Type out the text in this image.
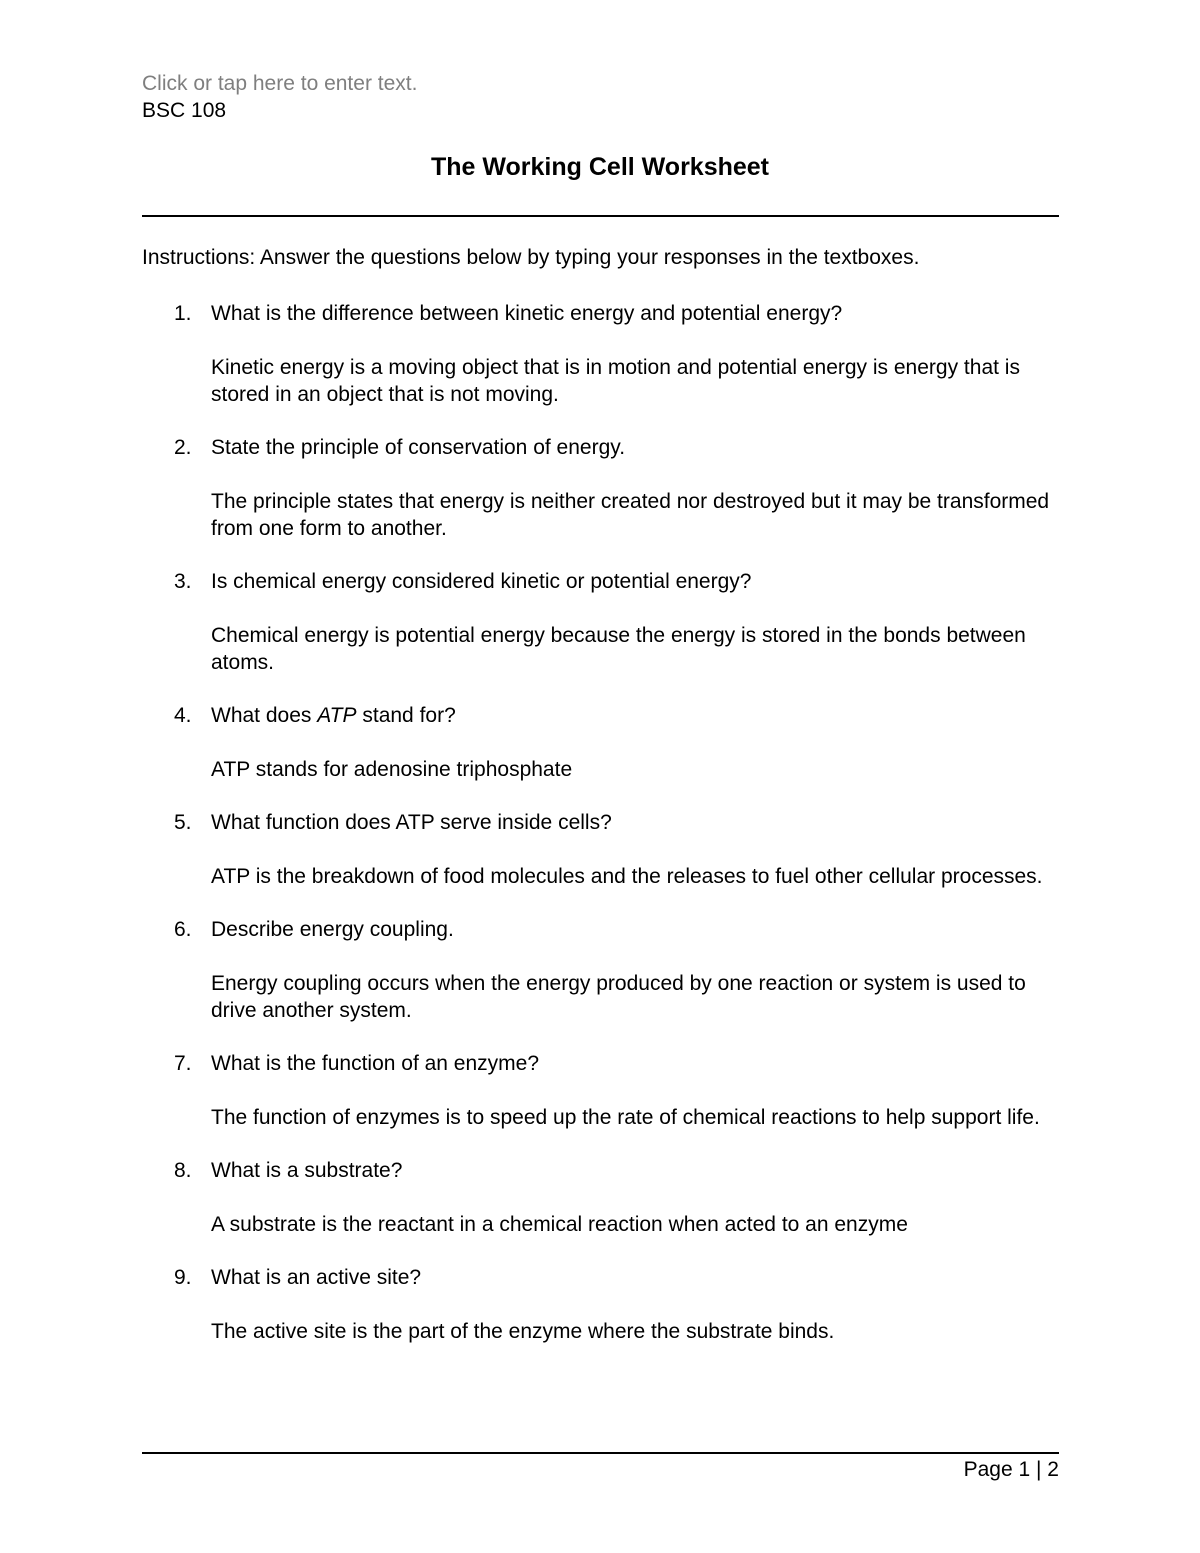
Click or tap here to enter text.
BSC 108
The Working Cell Worksheet
Instructions: Answer the questions below by typing your responses in the textboxes.
1. What is the difference between kinetic energy and potential energy?

Kinetic energy is a moving object that is in motion and potential energy is energy that is stored in an object that is not moving.

2. State the principle of conservation of energy.

The principle states that energy is neither created nor destroyed but it may be transformed from one form to another.

3. Is chemical energy considered kinetic or potential energy?

Chemical energy is potential energy because the energy is stored in the bonds between atoms.

4. What does ATP stand for?

ATP stands for adenosine triphosphate

5. What function does ATP serve inside cells?

ATP is the breakdown of food molecules and the releases to fuel other cellular processes.

6. Describe energy coupling.

Energy coupling occurs when the energy produced by one reaction or system is used to drive another system.

7. What is the function of an enzyme?

The function of enzymes is to speed up the rate of chemical reactions to help support life.

8. What is a substrate?

A substrate is the reactant in a chemical reaction when acted to an enzyme

9. What is an active site?

The active site is the part of the enzyme where the substrate binds.

Page 1 | 2
